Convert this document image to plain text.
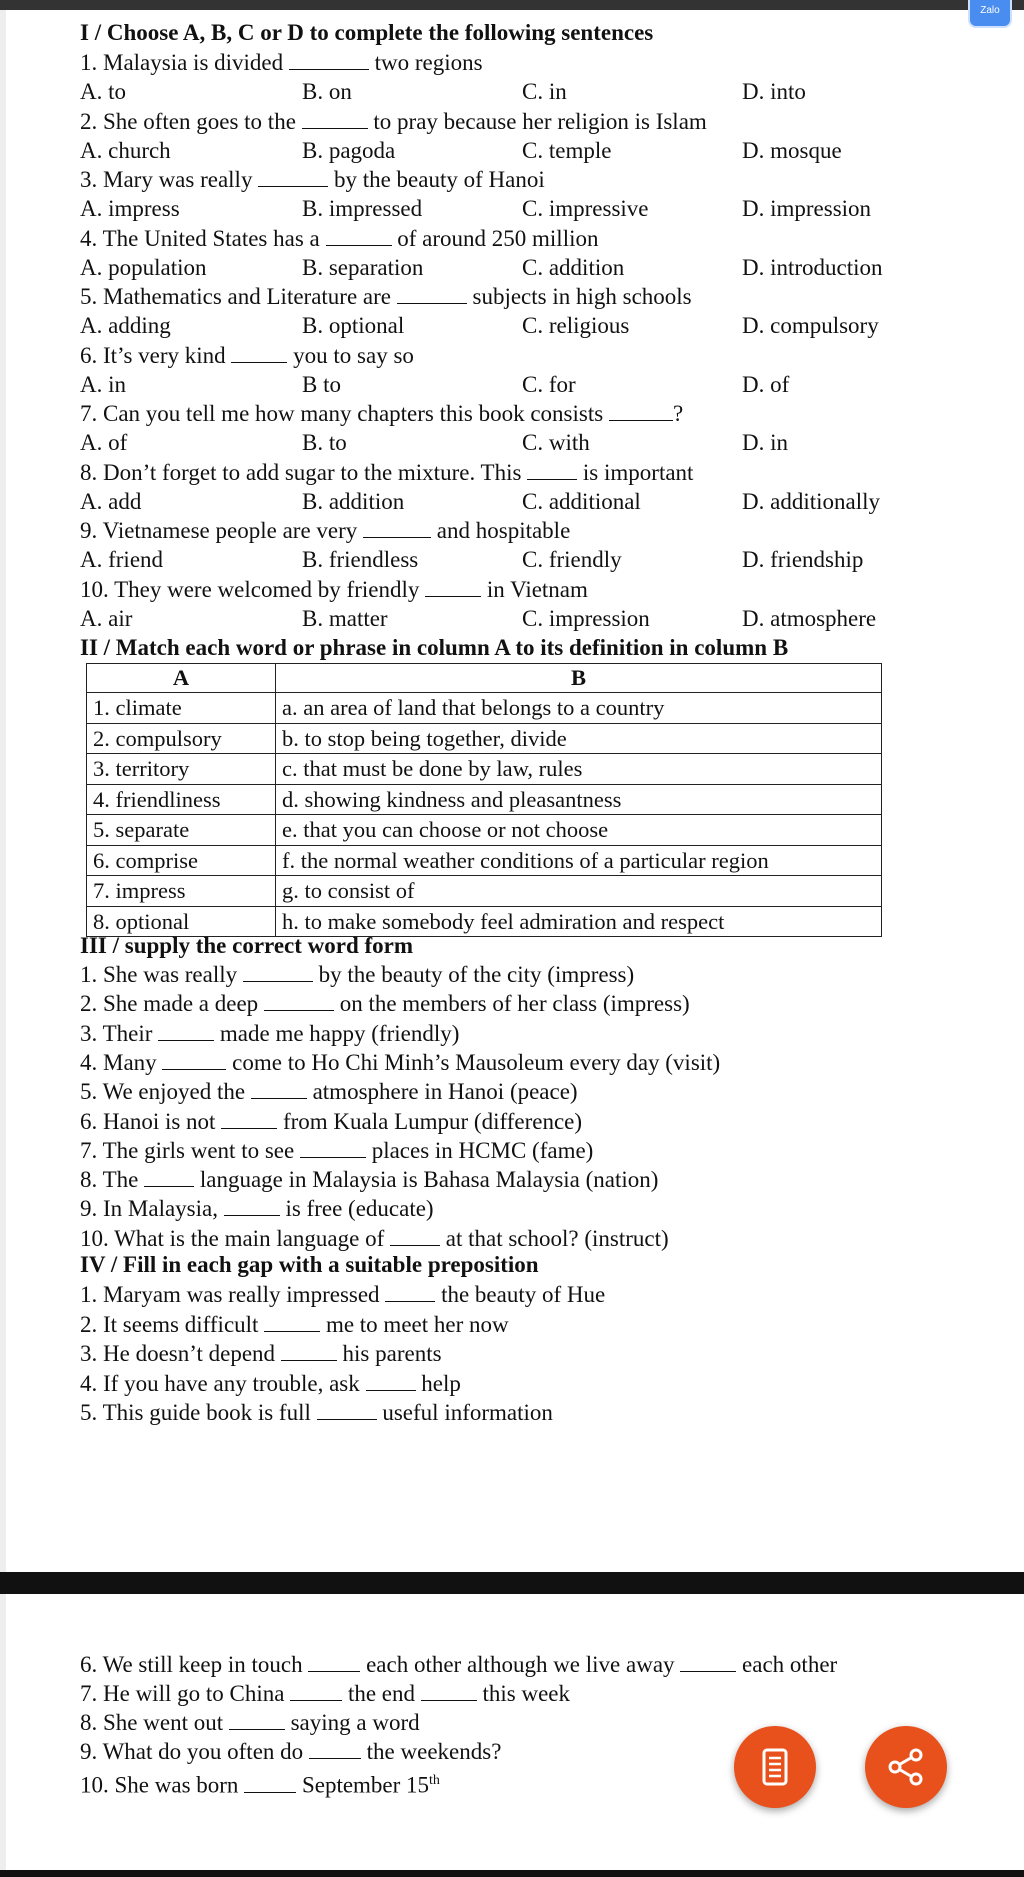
Zalo
I / Choose A, B, C or D to complete the following sentences
1. Malaysia is divided	two regions
A. to	B. on	C. in	D. into
2. She often goes to the	to pray because her religion is Islam
A. church	B. pagoda	C. temple	D. mosque
3. Mary was really	by the beauty of Hanoi
A. impress	B. impressed	C. impressive	D. impression
4. The United States has a	of around 250 million
A. population	B. separation	C. addition	D. introduction
5. Mathematics and Literature are	subjects in high schools
A. adding	B. optional	C. religious	D. compulsory
6. It’s very kind  you to say so
A. in	B to	C. for	D. of
7. Can you tell me how many chapters this book consists	?
A. of	B. to	C. with	D. in
8. Don’t forget to add sugar to the mixture. This  is important
A. add	B. addition	C. additional	D. additionally
9. Vietnamese people are very	and hospitable
A. friend	B. friendless	C. friendly	D. friendship
10. They were welcomed by friendly  in Vietnam
A. air	B. matter	C. impression	D. atmosphere
II / Match each word or phrase in column A to its definition in column B
III / supply the correct word form
1. She was really	by the beauty of the city (impress)
2. She made a deep	on the members of her class (impress)
3. Their  made me happy (friendly)
4. Many	come to Ho Chi Minh’s Mausoleum every day (visit)
5. We enjoyed the  atmosphere in Hanoi (peace)
6. Hanoi is not  from Kuala Lumpur (difference)
7. The girls went to see	places in HCMC (fame)
8. The  language in Malaysia is Bahasa Malaysia (nation)
9. In Malaysia,  is free (educate)
10. What is the main language of  at that school? (instruct)
IV / Fill in each gap with a suitable preposition
1. Maryam was really impressed  the beauty of Hue
2. It seems difficult  me to meet her now
3. He doesn’t depend  his parents
4. If you have any trouble, ask  help
5. This guide book is full	useful information
A	B
1. climate	a. an area of land that belongs to a country
2. compulsory	b. to stop being together, divide
3. territory	c. that must be done by law, rules
4. friendliness	d. showing kindness and pleasantness
5. separate	e. that you can choose or not choose
6. comprise	f. the normal weather conditions of a particular region
7. impress	g. to consist of
8. optional	h. to make somebody feel admiration and respect
6. We still keep in touch  each other although we live away  each other
7. He will go to China  the end  this week
8. She went out  saying a word
9. What do you often do  the weekends?
10. She was born  September 15th
